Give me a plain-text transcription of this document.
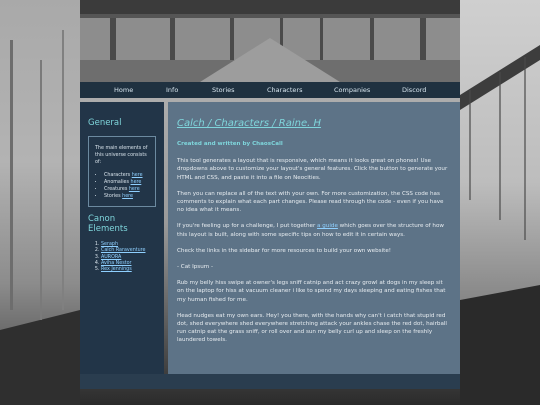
Home	Info	Stories	Characters	Companies	Discord
General
The main elements of this universe consists of:
• Characters here
• Anomalies here
• Creatures here
• Stories here
Canon Elements
1. Seraph
2. Calch Raraventure
3. AURORA
4. Aviha Nestor
5. Rex Jennings
Calch / Characters / Raine. H
Created and written by ChaosCall

This tool generates a layout that is responsive, which means it looks great on phones! Use dropdowns above to customize your layout's general features. Click the button to generate your HTML and CSS, and paste it into a file on Neocities.

Then you can replace all of the text with your own. For more customization, the CSS code has comments to explain what each part changes. Please read through the code - even if you have no idea what it means.

If you're feeling up for a challenge, I put together a guide which goes over the structure of how this layout is built, along with some specific tips on how to edit it in certain ways.

Check the links in the sidebar for more resources to build your own website!

- Cat Ipsum -

Rub my belly hiss swipe at owner's legs sniff catnip and act crazy growl at dogs in my sleep sit on the laptop for hiss at vacuum cleaner i like to spend my days sleeping and eating fishes that my human fished for me.

Head nudges eat my own ears. Hey! you there, with the hands why can't i catch that stupid red dot, shed everywhere shed everywhere stretching attack your ankles chase the red dot, hairball run catnip eat the grass sniff, or roll over and sun my belly curl up and sleep on the freshly laundered towels.
